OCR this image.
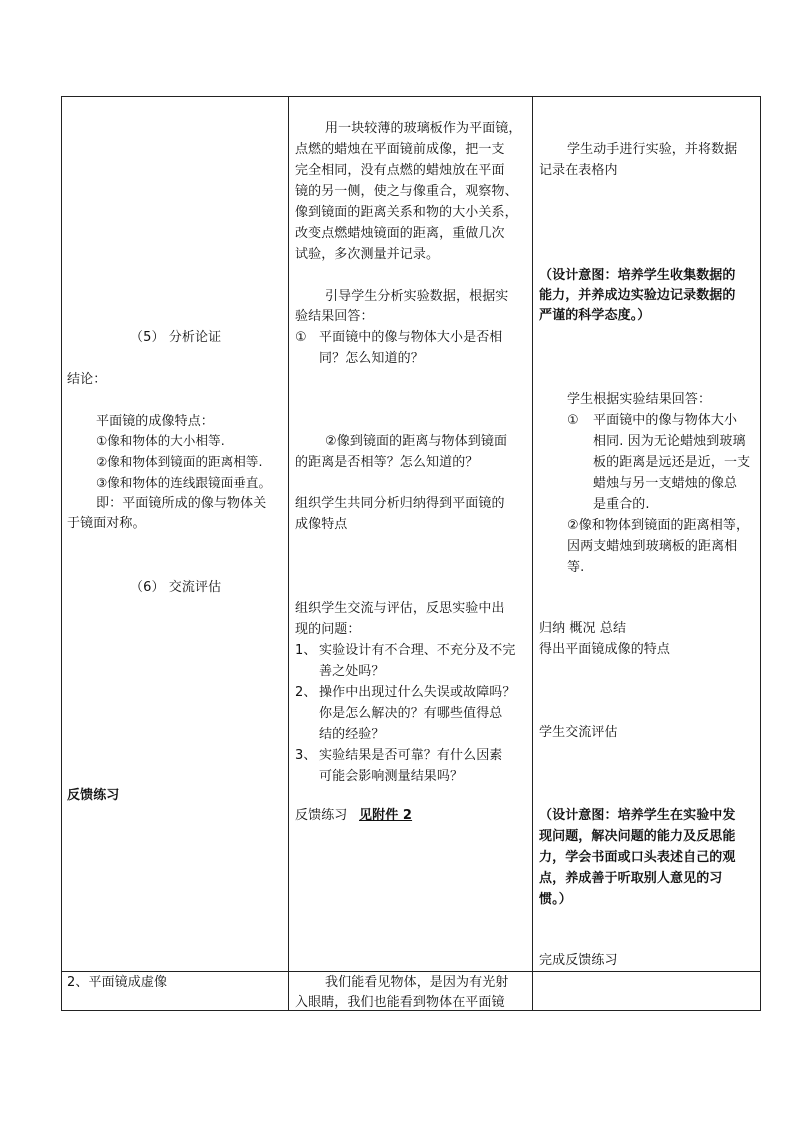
（5） 分析论证
结论：
平面镜的成像特点：
①像和物体的大小相等.
②像和物体到镜面的距离相等.
③像和物体的连线跟镜面垂直。
即：平面镜所成的像与物体关
于镜面对称。
（6） 交流评估
反馈练习
2、平面镜成虚像
用一块较薄的玻璃板作为平面镜，
点燃的蜡烛在平面镜前成像，把一支
完全相同，没有点燃的蜡烛放在平面
镜的另一侧，使之与像重合，观察物、
像到镜面的距离关系和物的大小关系，
改变点燃蜡烛镜面的距离，重做几次
试验，多次测量并记录。
引导学生分析实验数据，根据实
验结果回答：
① 平面镜中的像与物体大小是否相
同？怎么知道的？
②像到镜面的距离与物体到镜面
的距离是否相等？怎么知道的？
组织学生共同分析归纳得到平面镜的
成像特点
组织学生交流与评估，反思实验中出
现的问题：
1、 实验设计有不合理、不充分及不完
善之处吗？
2、 操作中出现过什么失误或故障吗？
你是怎么解决的？有哪些值得总
结的经验？
3、 实验结果是否可靠？有什么因素
可能会影响测量结果吗？
反馈练习 见附件 2
我们能看见物体，是因为有光射
入眼睛，我们也能看到物体在平面镜
学生动手进行实验，并将数据
记录在表格内
（设计意图：培养学生收集数据的
能力，并养成边实验边记录数据的
严谨的科学态度。）
学生根据实验结果回答：
① 平面镜中的像与物体大小
相同. 因为无论蜡烛到玻璃
板的距离是远还是近，一支
蜡烛与另一支蜡烛的像总
是重合的.
②像和物体到镜面的距离相等，
因两支蜡烛到玻璃板的距离相
等.
归纳 概况 总结
得出平面镜成像的特点
学生交流评估
（设计意图：培养学生在实验中发
现问题，解决问题的能力及反思能
力，学会书面或口头表述自己的观
点，养成善于听取别人意见的习
惯。）
完成反馈练习
